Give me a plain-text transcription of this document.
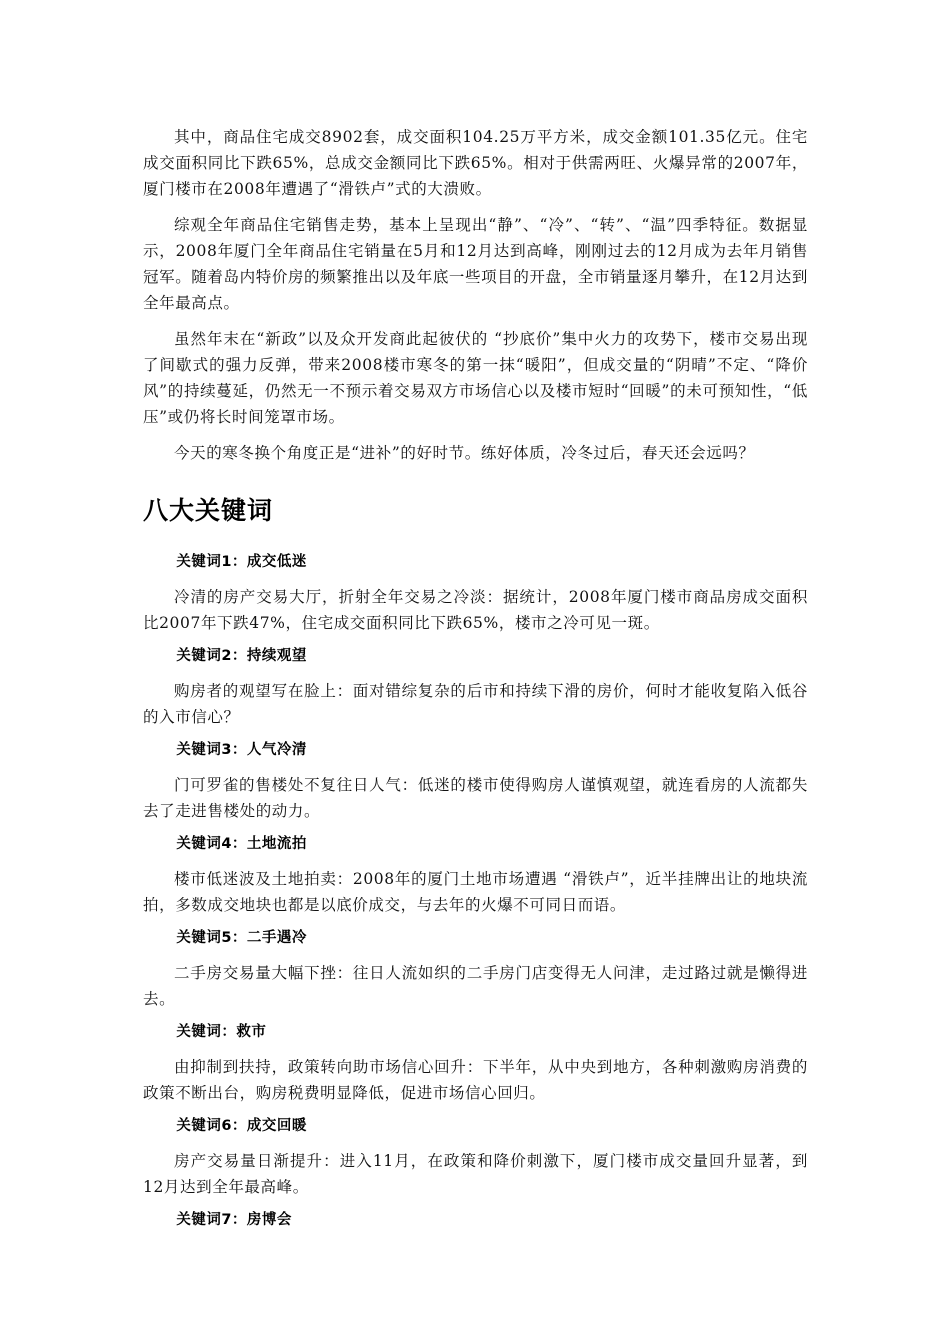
其中，商品住宅成交8902套，成交面积104.25万平方米，成交金额101.35亿元。住宅成交面积同比下跌65%，总成交金额同比下跌65%。相对于供需两旺、火爆异常的2007年，厦门楼市在2008年遭遇了“滑铁卢”式的大溃败。

综观全年商品住宅销售走势，基本上呈现出“静”、“冷”、“转”、“温”四季特征。数据显示，2008年厦门全年商品住宅销量在5月和12月达到高峰，刚刚过去的12月成为去年月销售冠军。随着岛内特价房的频繁推出以及年底一些项目的开盘，全市销量逐月攀升，在12月达到全年最高点。

虽然年末在“新政”以及众开发商此起彼伏的 “抄底价”集中火力的攻势下，楼市交易出现了间歇式的强力反弹，带来2008楼市寒冬的第一抹“暖阳”，但成交量的“阴晴”不定、“降价风”的持续蔓延，仍然无一不预示着交易双方市场信心以及楼市短时“回暖”的未可预知性，“低压”或仍将长时间笼罩市场。

今天的寒冬换个角度正是“进补”的好时节。练好体质，冷冬过后，春天还会远吗？

八大关键词
关键词1：成交低迷

冷清的房产交易大厅，折射全年交易之冷淡：据统计，2008年厦门楼市商品房成交面积比2007年下跌47%，住宅成交面积同比下跌65%，楼市之冷可见一斑。

关键词2：持续观望

购房者的观望写在脸上：面对错综复杂的后市和持续下滑的房价，何时才能收复陷入低谷的入市信心？

关键词3：人气冷清

门可罗雀的售楼处不复往日人气：低迷的楼市使得购房人谨慎观望，就连看房的人流都失去了走进售楼处的动力。

关键词4：土地流拍

楼市低迷波及土地拍卖：2008年的厦门土地市场遭遇 “滑铁卢”，近半挂牌出让的地块流拍，多数成交地块也都是以底价成交，与去年的火爆不可同日而语。

关键词5：二手遇冷

二手房交易量大幅下挫：往日人流如织的二手房门店变得无人问津，走过路过就是懒得进去。

关键词：救市

由抑制到扶持，政策转向助市场信心回升：下半年，从中央到地方，各种刺激购房消费的政策不断出台，购房税费明显降低，促进市场信心回归。

关键词6：成交回暖

房产交易量日渐提升：进入11月，在政策和降价刺激下，厦门楼市成交量回升显著，到12月达到全年最高峰。

关键词7：房博会
